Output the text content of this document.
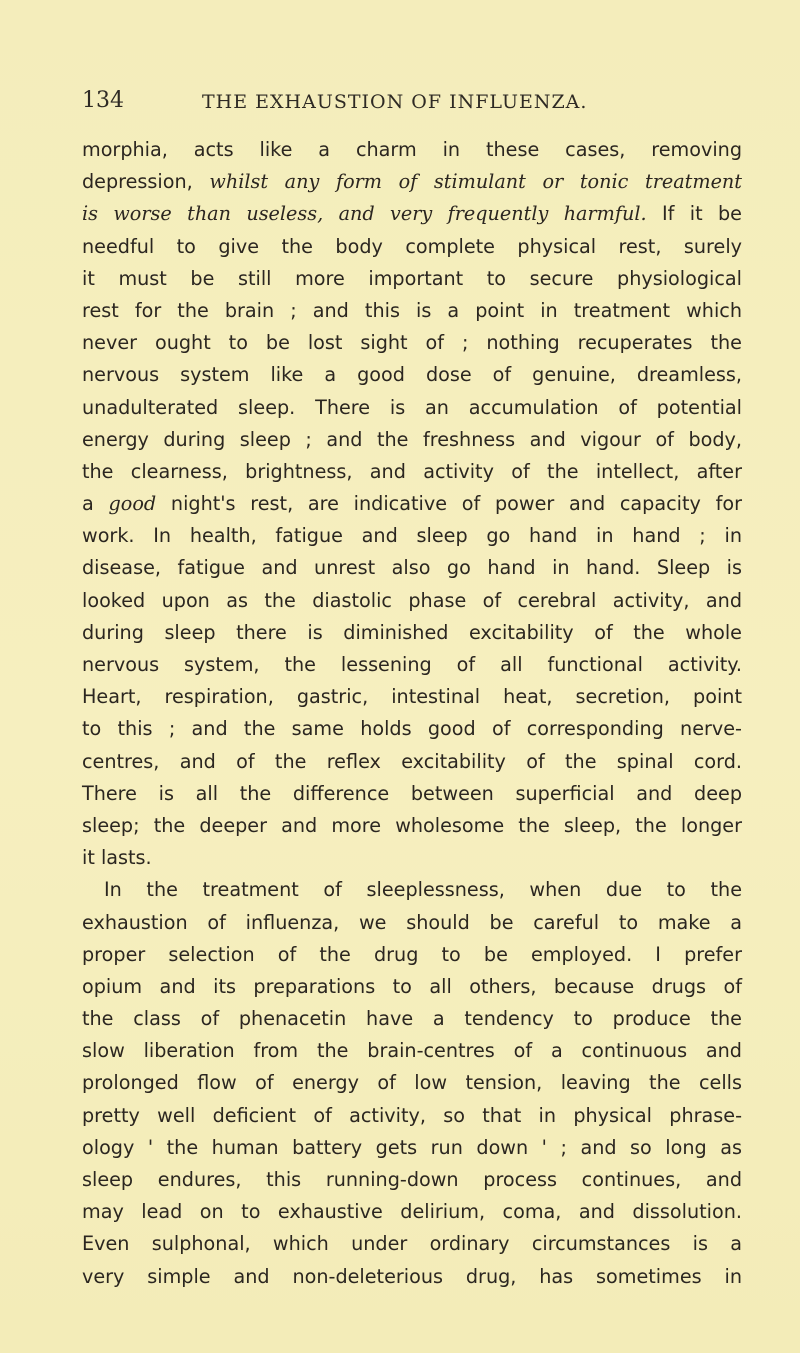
134	THE EXHAUSTION OF INFLUENZA.
morphia, acts like a charm in these cases, removing
depression, whilst any form of stimulant or tonic treatment
is worse than useless, and very frequently harmful. If it be
needful to give the body complete physical rest, surely
it must be still more important to secure physiological
rest for the brain ; and this is a point in treatment which
never ought to be lost sight of ; nothing recuperates the
nervous system like a good dose of genuine, dreamless,
unadulterated sleep. There is an accumulation of potential
energy during sleep ; and the freshness and vigour of body,
the clearness, brightness, and activity of the intellect, after
a good night's rest, are indicative of power and capacity for
work. In health, fatigue and sleep go hand in hand ; in
disease, fatigue and unrest also go hand in hand. Sleep is
looked upon as the diastolic phase of cerebral activity, and
during sleep there is diminished excitability of the whole
nervous system, the lessening of all functional activity.
Heart, respiration, gastric, intestinal heat, secretion, point
to this ; and the same holds good of corresponding nerve-
centres, and of the reflex excitability of the spinal cord.
There is all the difference between superficial and deep
sleep; the deeper and more wholesome the sleep, the longer
it lasts.
In the treatment of sleeplessness, when due to the
exhaustion of influenza, we should be careful to make a
proper selection of the drug to be employed. I prefer
opium and its preparations to all others, because drugs of
the class of phenacetin have a tendency to produce the
slow liberation from the brain-centres of a continuous and
prolonged flow of energy of low tension, leaving the cells
pretty well deficient of activity, so that in physical phrase-
ology ' the human battery gets run down ' ; and so long as
sleep endures, this running-down process continues, and
may lead on to exhaustive delirium, coma, and dissolution.
Even sulphonal, which under ordinary circumstances is a
very simple and non-deleterious drug, has sometimes in
